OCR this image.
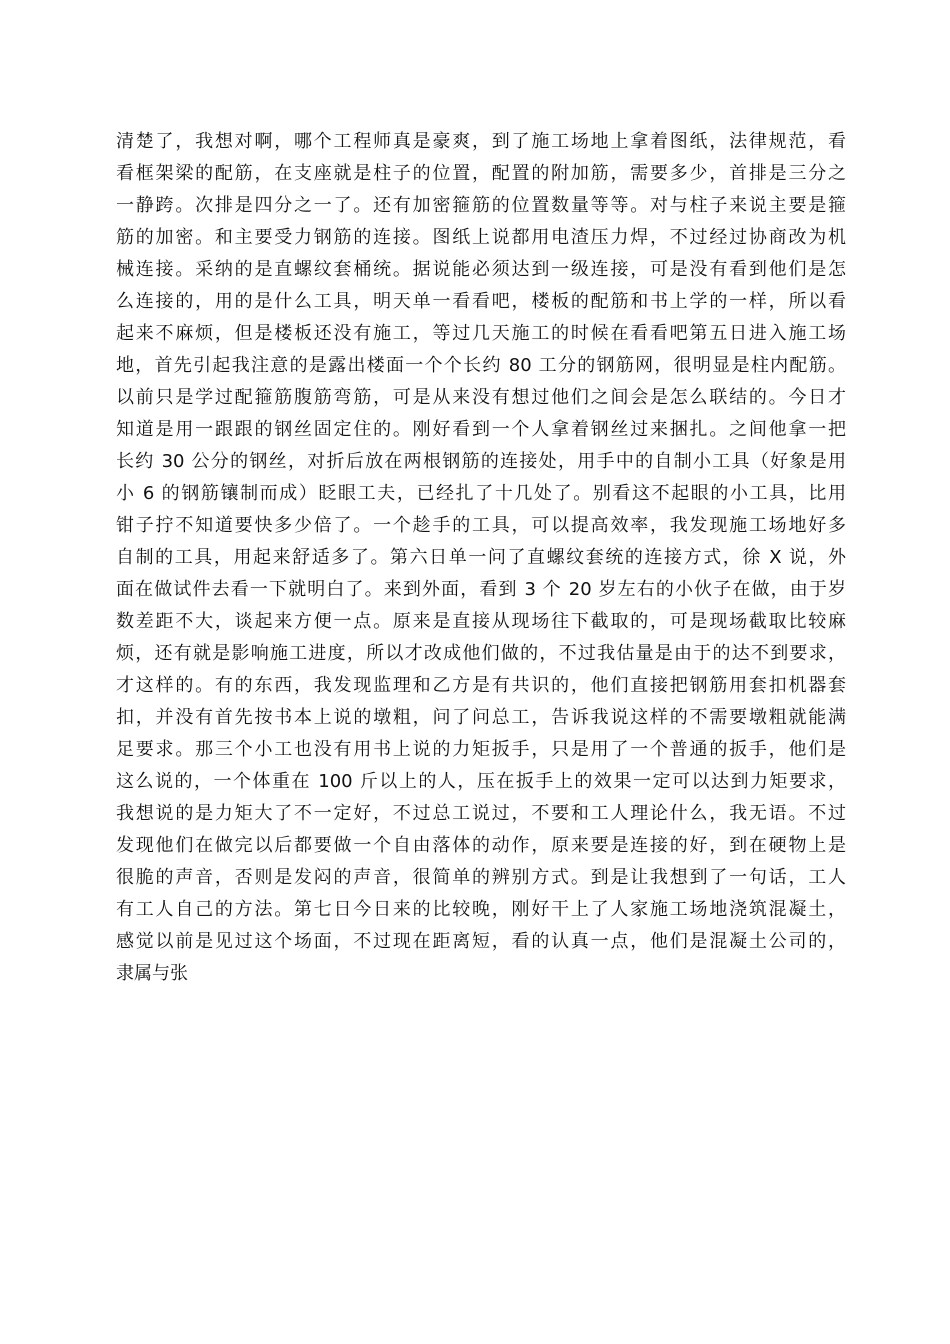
清楚了，我想对啊，哪个工程师真是豪爽，到了施工场地上拿着图纸，法律规范，看
看框架梁的配筋，在支座就是柱子的位置，配置的附加筋，需要多少，首排是三分之
一静跨。次排是四分之一了。还有加密箍筋的位置数量等等。对与柱子来说主要是箍
筋的加密。和主要受力钢筋的连接。图纸上说都用电渣压力焊，不过经过协商改为机
械连接。采纳的是直螺纹套桶统。据说能必须达到一级连接，可是没有看到他们是怎
么连接的，用的是什么工具，明天单一看看吧，楼板的配筋和书上学的一样，所以看
起来不麻烦，但是楼板还没有施工，等过几天施工的时候在看看吧第五日进入施工场
地，首先引起我注意的是露出楼面一个个长约 80 工分的钢筋网，很明显是柱内配筋。
以前只是学过配箍筋腹筋弯筋，可是从来没有想过他们之间会是怎么联结的。今日才
知道是用一跟跟的钢丝固定住的。刚好看到一个人拿着钢丝过来捆扎。之间他拿一把
长约 30 公分的钢丝，对折后放在两根钢筋的连接处，用手中的自制小工具（好象是用
小 6 的钢筋镶制而成）眨眼工夫，已经扎了十几处了。别看这不起眼的小工具，比用
钳子拧不知道要快多少倍了。一个趁手的工具，可以提高效率，我发现施工场地好多
自制的工具，用起来舒适多了。第六日单一问了直螺纹套统的连接方式，徐 X 说，外
面在做试件去看一下就明白了。来到外面，看到 3 个 20 岁左右的小伙子在做，由于岁
数差距不大，谈起来方便一点。原来是直接从现场往下截取的，可是现场截取比较麻
烦，还有就是影响施工进度，所以才改成他们做的，不过我估量是由于的达不到要求，
才这样的。有的东西，我发现监理和乙方是有共识的，他们直接把钢筋用套扣机器套
扣，并没有首先按书本上说的墩粗，问了问总工，告诉我说这样的不需要墩粗就能满
足要求。那三个小工也没有用书上说的力矩扳手，只是用了一个普通的扳手，他们是
这么说的，一个体重在 100 斤以上的人，压在扳手上的效果一定可以达到力矩要求，
我想说的是力矩大了不一定好，不过总工说过，不要和工人理论什么，我无语。不过
发现他们在做完以后都要做一个自由落体的动作，原来要是连接的好，到在硬物上是
很脆的声音，否则是发闷的声音，很简单的辨别方式。到是让我想到了一句话，工人
有工人自己的方法。第七日今日来的比较晚，刚好干上了人家施工场地浇筑混凝土，
感觉以前是见过这个场面，不过现在距离短，看的认真一点，他们是混凝土公司的，
隶属与张
